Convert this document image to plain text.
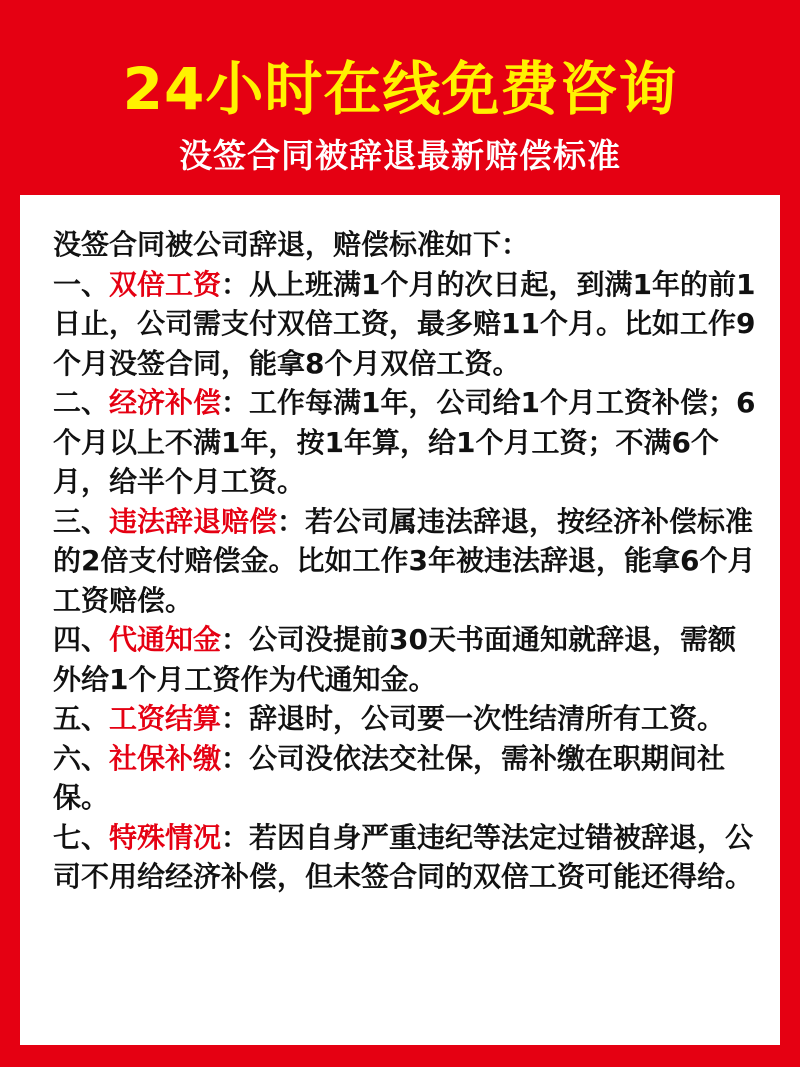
24小时在线免费咨询
没签合同被辞退最新赔偿标准
没签合同被公司辞退，赔偿标准如下：
一、双倍工资：从上班满1个月的次日起，到满1年的前1日止，公司需支付双倍工资，最多赔11个月。比如工作9个月没签合同，能拿8个月双倍工资。
二、经济补偿：工作每满1年，公司给1个月工资补偿；6个月以上不满1年，按1年算，给1个月工资；不满6个月，给半个月工资。
三、违法辞退赔偿：若公司属违法辞退，按经济补偿标准的2倍支付赔偿金。比如工作3年被违法辞退，能拿6个月工资赔偿。
四、代通知金：公司没提前30天书面通知就辞退，需额外给1个月工资作为代通知金。
五、工资结算：辞退时，公司要一次性结清所有工资。
六、社保补缴：公司没依法交社保，需补缴在职期间社保。
七、特殊情况：若因自身严重违纪等法定过错被辞退，公司不用给经济补偿，但未签合同的双倍工资可能还得给。
